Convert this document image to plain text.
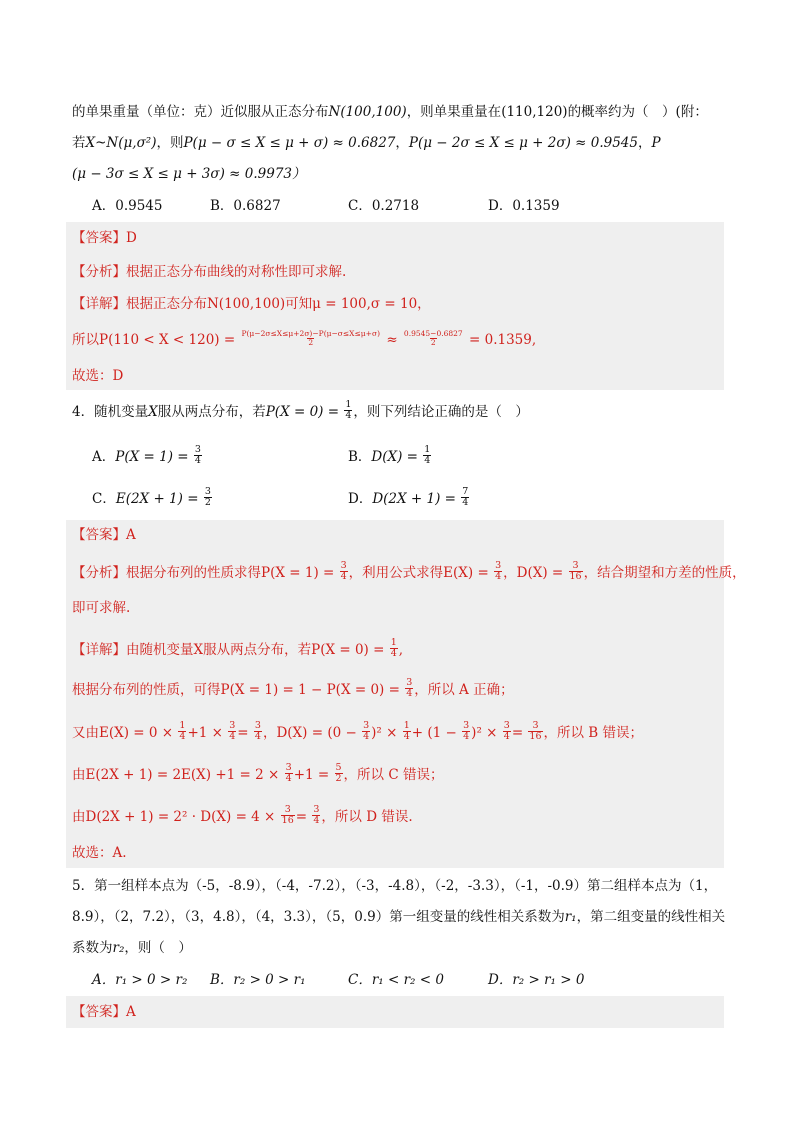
的单果重量（单位：克）近似服从正态分布N(100,100)，则单果重量在(110,120)的概率约为（　）(附：
若X~N(μ,σ²)，则P(μ − σ ≤ X ≤ μ + σ) ≈ 0.6827，P(μ − 2σ ≤ X ≤ μ + 2σ) ≈ 0.9545，P
(μ − 3σ ≤ X ≤ μ + 3σ) ≈ 0.9973）
A．0.9545	B．0.6827	C．0.2718	D．0.1359
【答案】D
【分析】根据正态分布曲线的对称性即可求解.
【详解】根据正态分布N(100,100)可知μ = 100,σ = 10，
所以$P(110 < X < 120) = \frac{P(\mu-2\sigma\le X\le\mu+2\sigma)-P(\mu-\sigma\le X\le\mu+\sigma)}{2} \approx \frac{0.9545-0.6827}{2} = 0.1359$,
故选：D
4．随机变量X服从两点分布，若$P(X = 0) = \frac{1}{4}$ ，则下列结论正确的是（　）
A．$P(X = 1) = \frac{3}{4}$	B．$D(X) = \frac{1}{4}$
C．$E(2X + 1) = \frac{3}{2}$	D．$D(2X + 1) = \frac{7}{4}$
【答案】A
【分析】根据分布列的性质求得$P(X = 1) = \frac{3}{4}$ ，利用公式求得$E(X) = \frac{3}{4}$ ，$D(X) = \frac{3}{16}$ ，结合期望和方差的性质，
即可求解.
【详解】由随机变量X服从两点分布，若$P(X = 0) = \frac{1}{4}$ ,
根据分布列的性质，可得$P(X = 1) = 1 - P(X = 0) = \frac{3}{4}$ ，所以 A 正确；
又由$E(X) = 0 \times \frac{1}{4} +1 \times \frac{3}{4} = \frac{3}{4}$ ，$D(X) = (0 - \frac{3}{4} )^2 \times \frac{1}{4} + (1 - \frac{3}{4} )^2 \times \frac{3}{4} = \frac{3}{16}$ ，所以 B 错误；
由$E(2X + 1) = 2E(X) +1 = 2 \times \frac{3}{4} +1 = \frac{5}{2}$ ，所以 C 错误；
由$D(2X + 1) = 2^2 \cdot D(X) = 4 \times \frac{3}{16} = \frac{3}{4}$ ，所以 D 错误.
故选：A.
5．第一组样本点为（-5，-8.9），（-4，-7.2），（-3，-4.8），（-2，-3.3），（-1，-0.9）第二组样本点为（1，
8.9），（2，7.2），（3，4.8），（4，3.3），（5，0.9）第一组变量的线性相关系数为r₁，第二组变量的线性相关
系数为r₂，则（　）
A．r₁ > 0 > r₂ B．r₂ > 0 > r₁	C．r₁ < r₂ < 0	D．r₂ > r₁ > 0
【答案】A
